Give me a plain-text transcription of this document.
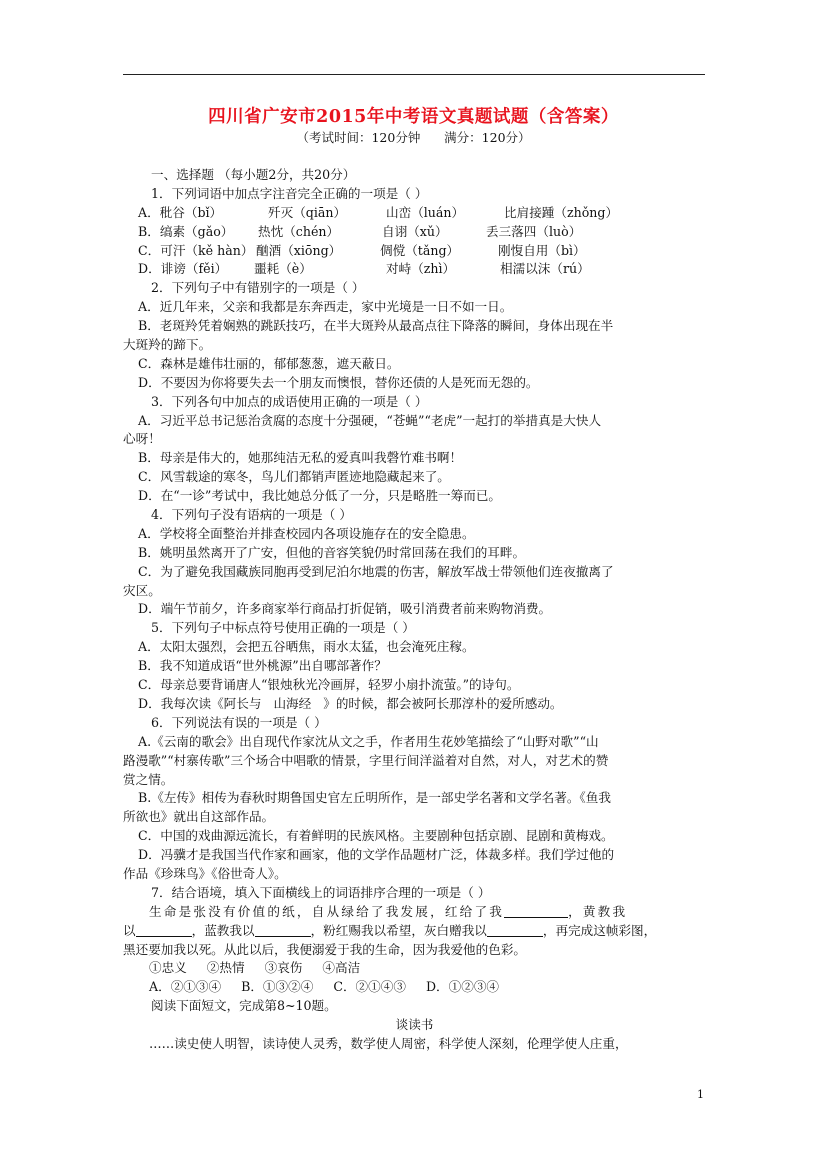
四川省广安市2015年中考语文真题试题（含答案）
（考试时间：120分钟      满分：120分）
一、选择题 （每小题2分，共20分）
1．下列词语中加点字注音完全正确的一项是（ ）
A．秕谷（bǐ）	歼灭（qiān）	山峦（luán）	比肩接踵（zhǒng）
B．缟素（gǎo）	热忱（chén）	自诩（xǔ）	丢三落四（luò）
C．可汗（kě hàn） 酗酒（xiōng）	倜傥（tǎng）	刚愎自用（bì）
D．诽谤（fěi）	噩耗（è）	对峙（zhì）	相濡以沫（rú）
2．下列句子中有错别字的一项是（ ）
A．近几年来，父亲和我都是东奔西走，家中光境是一日不如一日。
B．老斑羚凭着娴熟的跳跃技巧，在半大斑羚从最高点往下降落的瞬间，身体出现在半
大斑羚的蹄下。
C．森林是雄伟壮丽的，郁郁葱葱，遮天蔽日。
D．不要因为你将要失去一个朋友而懊恨，替你还债的人是死而无怨的。
3．下列各句中加点的成语使用正确的一项是（ ）
A．习近平总书记惩治贪腐的态度十分强硬，“苍蝇”“老虎”一起打的举措真是大快人
心呀！
B．母亲是伟大的，她那纯洁无私的爱真叫我磬竹难书啊！
C．风雪载途的寒冬，鸟儿们都销声匿迹地隐藏起来了。
D．在“一诊”考试中，我比她总分低了一分，只是略胜一筹而已。
4．下列句子没有语病的一项是（ ）
A．学校将全面整治并排查校园内各项设施存在的安全隐患。
B．姚明虽然离开了广安，但他的音容笑貌仍时常回荡在我们的耳畔。
C．为了避免我国藏族同胞再受到尼泊尔地震的伤害，解放军战士带领他们连夜撤离了
灾区。
D．端午节前夕，许多商家举行商品打折促销，吸引消费者前来购物消费。
5．下列句子中标点符号使用正确的一项是（ ）
A．太阳太强烈，会把五谷晒焦，雨水太猛，也会淹死庄稼。
B．我不知道成语“世外桃源”出自哪部著作？
C．母亲总要背诵唐人“银烛秋光冷画屏，轻罗小扇扑流萤。”的诗句。
D．我每次读《阿长与   山海经   》的时候，都会被阿长那淳朴的爱所感动。
6．下列说法有误的一项是（ ）
A.《云南的歌会》出自现代作家沈从文之手，作者用生花妙笔描绘了“山野对歌”“山
路漫歌”“村寨传歌”三个场合中唱歌的情景，字里行间洋溢着对自然，对人，对艺术的赞
赏之情。
B.《左传》相传为春秋时期鲁国史官左丘明所作，是一部史学名著和文学名著。《鱼我
所欲也》就出自这部作品。
C．中国的戏曲源远流长，有着鲜明的民族风格。主要剧种包括京剧、昆剧和黄梅戏。
D．冯骥才是我国当代作家和画家，他的文学作品题材广泛，体裁多样。我们学过他的
作品《珍珠鸟》《俗世奇人》。
7．结合语境，填入下面横线上的词语排序合理的一项是（ ）
生命是张没有价值的纸，自从绿给了我发展，红给了我	，黄教我
以	，蓝教我以	，粉红赐我以希望，灰白赠我以	，再完成这帧彩图，
黑还要加我以死。从此以后，我便溺爱于我的生命，因为我爱他的色彩。
①忠义     ②热情     ③哀伤     ④高洁
A．②①③④     B．①③②④     C．②①④③     D．①②③④
阅读下面短文，完成第8~10题。
谈读书
……读史使人明智，读诗使人灵秀，数学使人周密，科学使人深刻，伦理学使人庄重，
1
